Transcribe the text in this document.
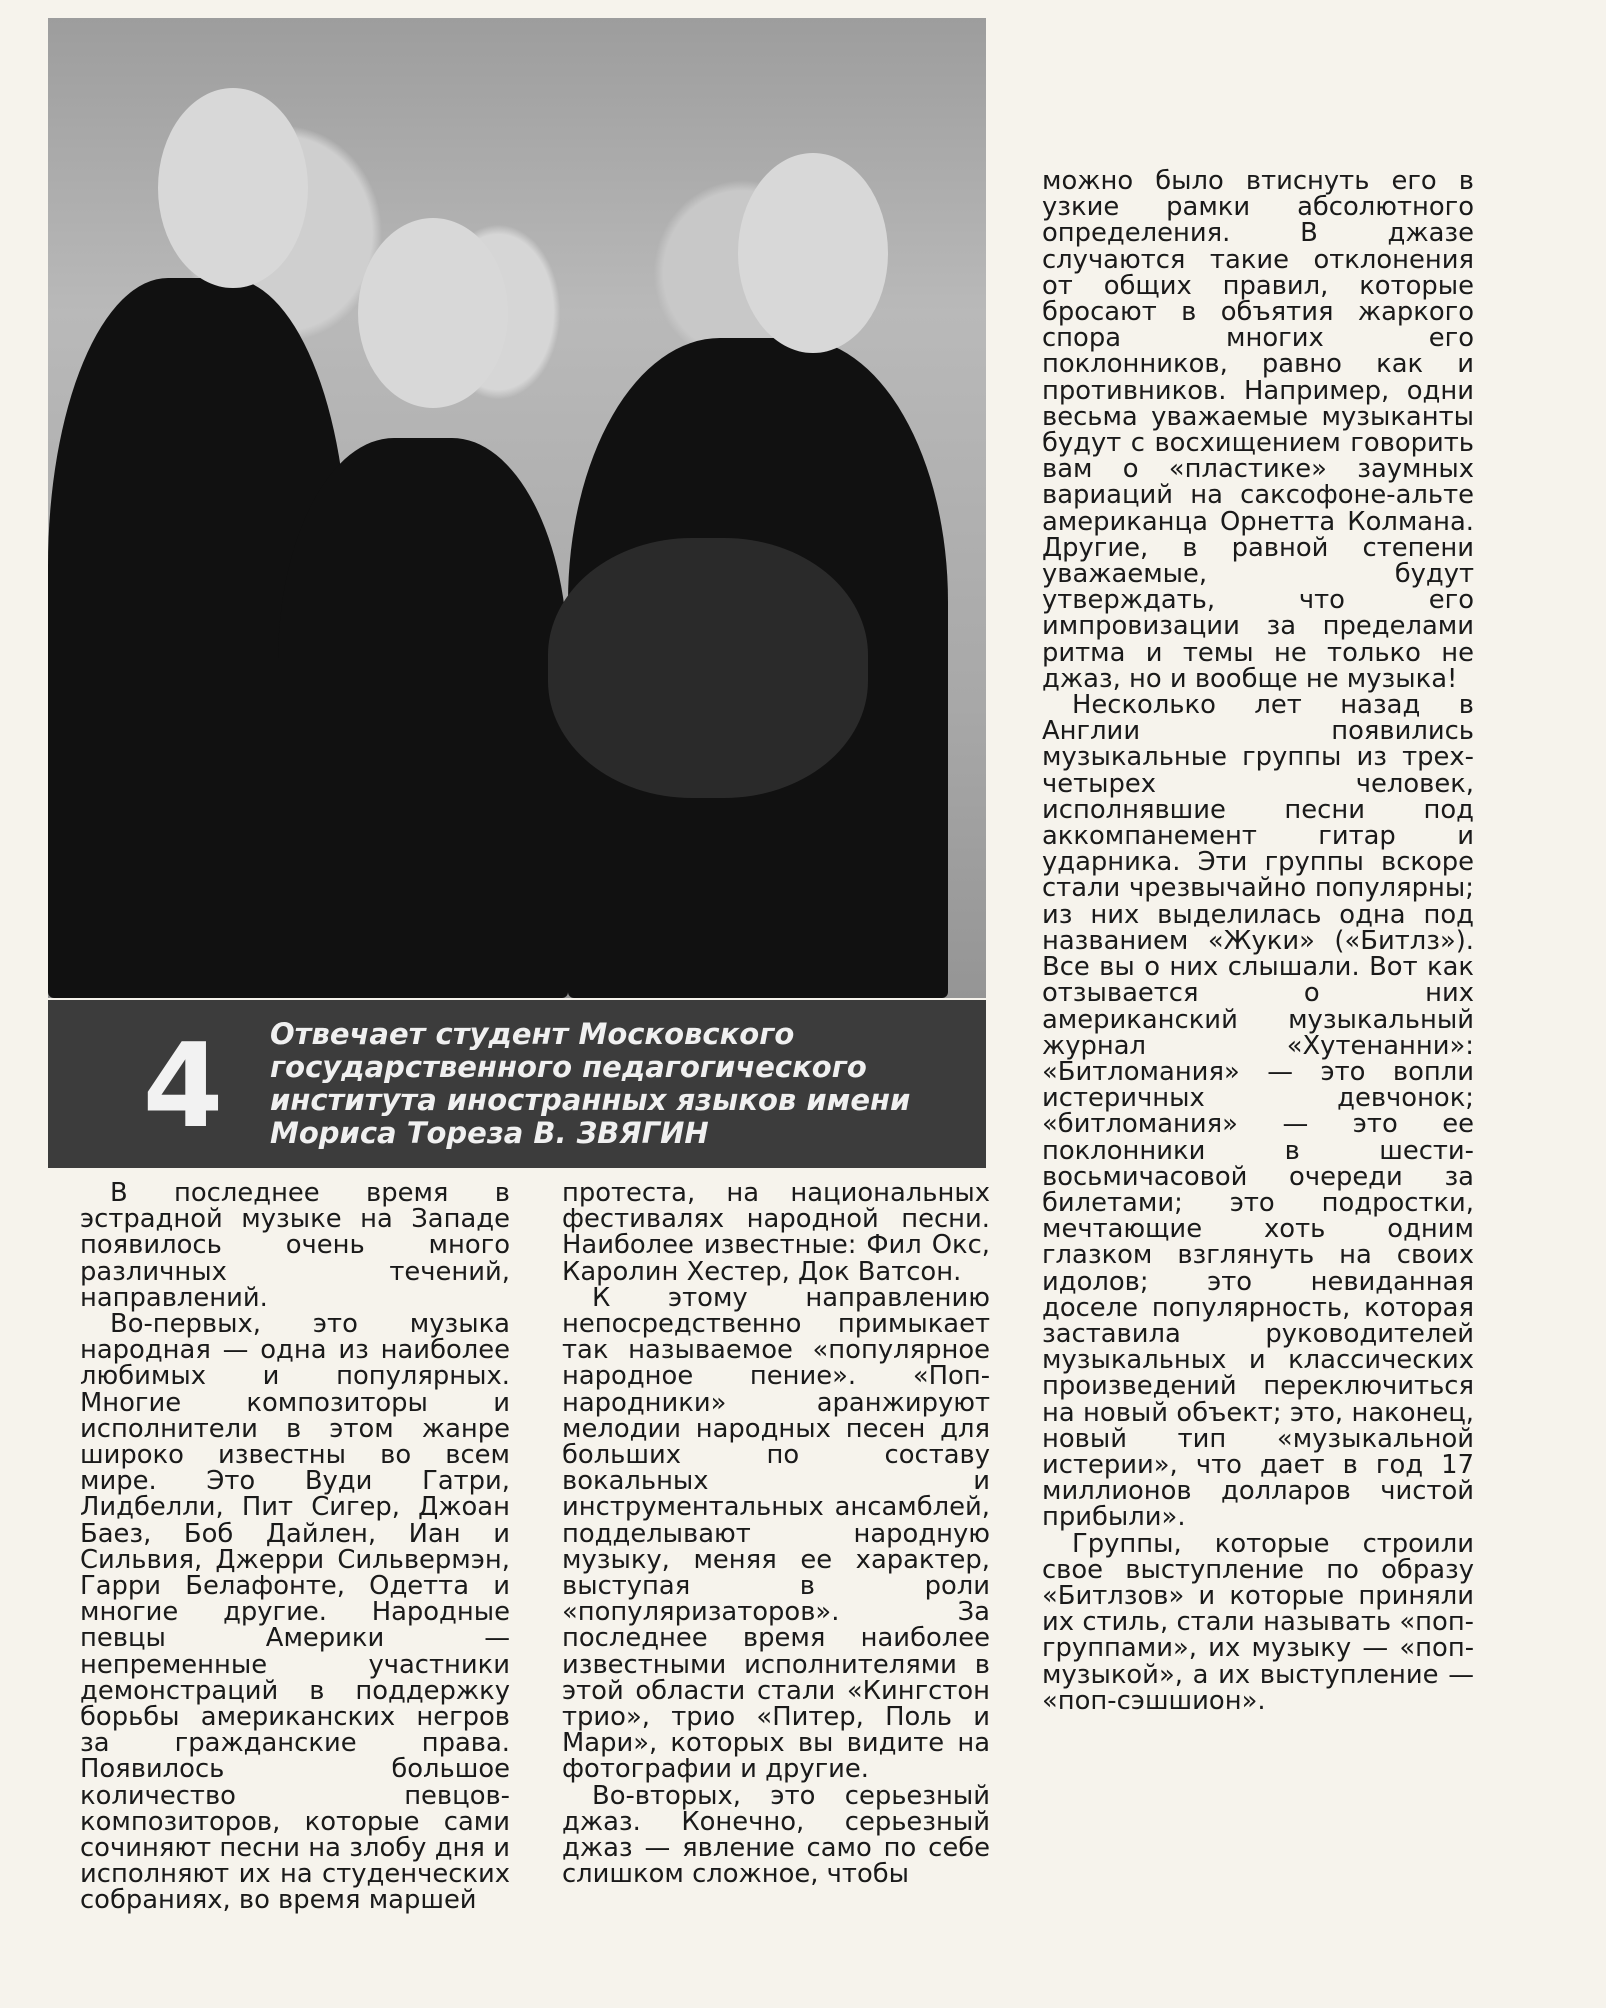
4	Отвечает студент Московского государственного педагогического института иностранных языков имени Мориса Тореза В. ЗВЯГИН

В последнее время в эстрадной музыке на Западе появилось очень много различных течений, направлений.

Во-первых, это музыка народная — одна из наиболее любимых и популярных. Многие композиторы и исполнители в этом жанре широко известны во всем мире. Это Вуди Гатри, Лидбелли, Пит Сигер, Джоан Баез, Боб Дайлен, Иан и Сильвия, Джерри Сильвермэн, Гарри Белафонте, Одетта и многие другие. Народные певцы Америки — непременные участники демонстраций в поддержку борьбы американских негров за гражданские права. Появилось большое количество певцов-композиторов, которые сами сочиняют песни на злобу дня и исполняют их на студенческих собраниях, во время маршей

протеста, на национальных фестивалях народной песни. Наиболее известные: Фил Окс, Каролин Хестер, Док Ватсон.

К этому направлению непосредственно примыкает так называемое «популярное народное пение». «Поп-народники» аранжируют мелодии народных песен для больших по составу вокальных и инструментальных ансамблей, подделывают народную музыку, меняя ее характер, выступая в роли «популяризаторов». За последнее время наиболее известными исполнителями в этой области стали «Кингстон трио», трио «Питер, Поль и Мари», которых вы видите на фотографии и другие.

Во-вторых, это серьезный джаз. Конечно, серьезный джаз — явление само по себе слишком сложное, чтобы

можно было втиснуть его в узкие рамки абсолютного определения. В джазе случаются такие отклонения от общих правил, которые бросают в объятия жаркого спора многих его поклонников, равно как и противников. Например, одни весьма уважаемые музыканты будут с восхищением говорить вам о «пластике» заумных вариаций на саксофоне-альте американца Орнетта Колмана. Другие, в равной степени уважаемые, будут утверждать, что его импровизации за пределами ритма и темы не только не джаз, но и вообще не музыка!

Несколько лет назад в Англии появились музыкальные группы из трех-четырех человек, исполнявшие песни под аккомпанемент гитар и ударника. Эти группы вскоре стали чрезвычайно популярны; из них выделилась одна под названием «Жуки» («Битлз»). Все вы о них слышали. Вот как отзывается о них американский музыкальный журнал «Хутенанни»: «Битломания» — это вопли истеричных девчонок; «битломания» — это ее поклонники в шести-восьмичасовой очереди за билетами; это подростки, мечтающие хоть одним глазком взглянуть на своих идолов; это невиданная доселе популярность, которая заставила руководителей музыкальных и классических произведений переключиться на новый объект; это, наконец, новый тип «музыкальной истерии», что дает в год 17 миллионов долларов чистой прибыли».

Группы, которые строили свое выступление по образу «Битлзов» и которые приняли их стиль, стали называть «поп-группами», их музыку — «поп-музыкой», а их выступление — «поп-сэшшион».
